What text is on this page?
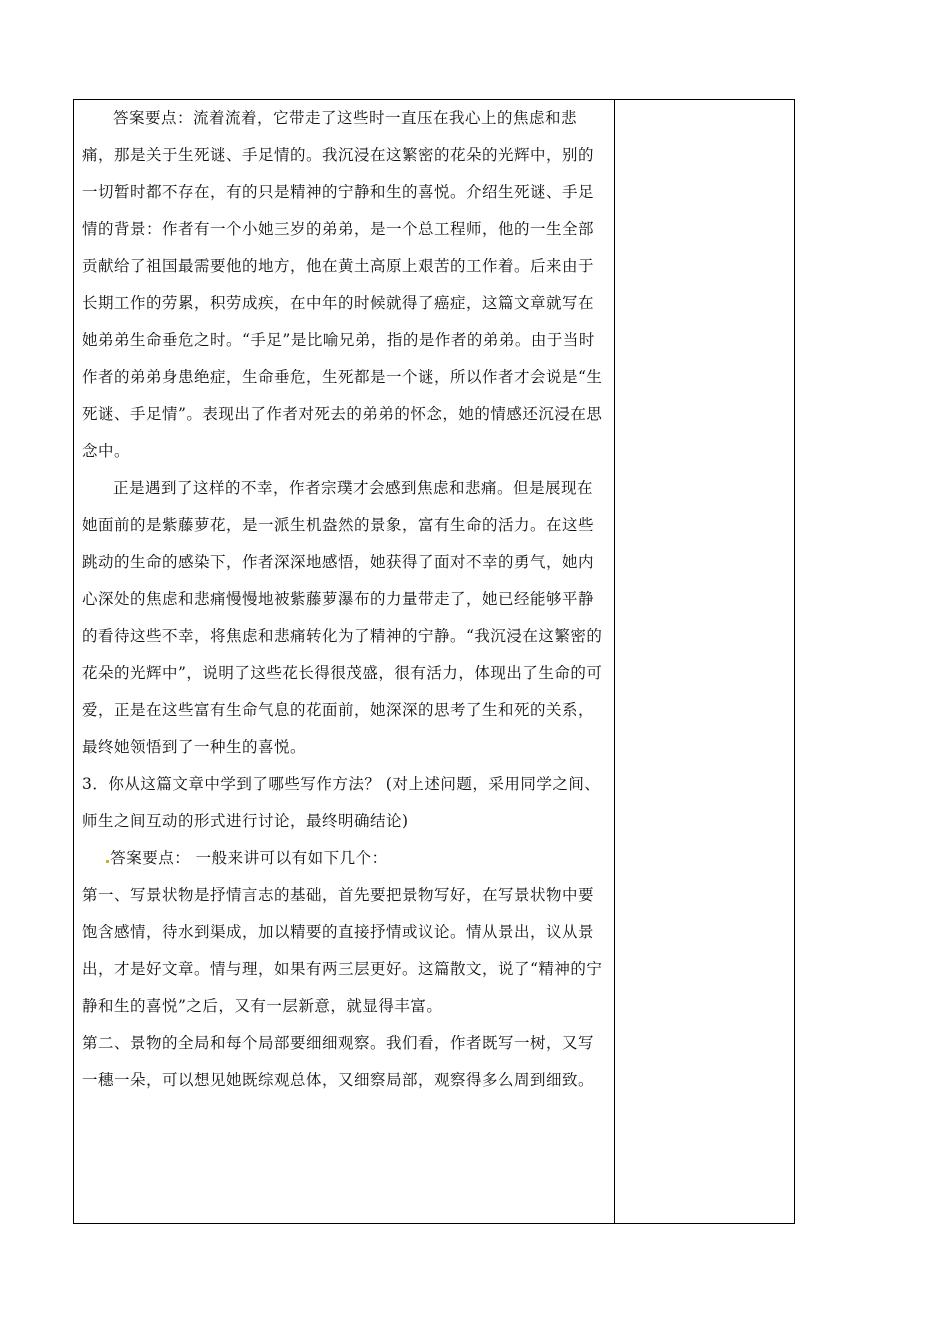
答案要点：流着流着，它带走了这些时一直压在我心上的焦虑和悲痛，那是关于生死谜、手足情的。我沉浸在这繁密的花朵的光辉中，别的一切暂时都不存在，有的只是精神的宁静和生的喜悦。介绍生死谜、手足情的背景：作者有一个小她三岁的弟弟，是一个总工程师，他的一生全部贡献给了祖国最需要他的地方，他在黄土高原上艰苦的工作着。后来由于长期工作的劳累，积劳成疾，在中年的时候就得了癌症，这篇文章就写在她弟弟生命垂危之时。“手足”是比喻兄弟，指的是作者的弟弟。由于当时作者的弟弟身患绝症，生命垂危，生死都是一个谜，所以作者才会说是“生死谜、手足情”。表现出了作者对死去的弟弟的怀念，她的情感还沉浸在思念中。

正是遇到了这样的不幸，作者宗璞才会感到焦虑和悲痛。但是展现在她面前的是紫藤萝花，是一派生机盎然的景象，富有生命的活力。在这些跳动的生命的感染下，作者深深地感悟，她获得了面对不幸的勇气，她内心深处的焦虑和悲痛慢慢地被紫藤萝瀑布的力量带走了，她已经能够平静的看待这些不幸，将焦虑和悲痛转化为了精神的宁静。“我沉浸在这繁密的花朵的光辉中”，说明了这些花长得很茂盛，很有活力，体现出了生命的可爱，正是在这些富有生命气息的花面前，她深深的思考了生和死的关系，最终她领悟到了一种生的喜悦。

3．你从这篇文章中学到了哪些写作方法？ (对上述问题，采用同学之间、师生之间互动的形式进行讨论，最终明确结论)

答案要点： 一般来讲可以有如下几个：

第一、写景状物是抒情言志的基础，首先要把景物写好，在写景状物中要饱含感情，待水到渠成，加以精要的直接抒情或议论。情从景出，议从景出，才是好文章。情与理，如果有两三层更好。这篇散文，说了“精神的宁静和生的喜悦”之后，又有一层新意，就显得丰富。

第二、景物的全局和每个局部要细细观察。我们看，作者既写一树，又写一穗一朵，可以想见她既综观总体，又细察局部，观察得多么周到细致。
